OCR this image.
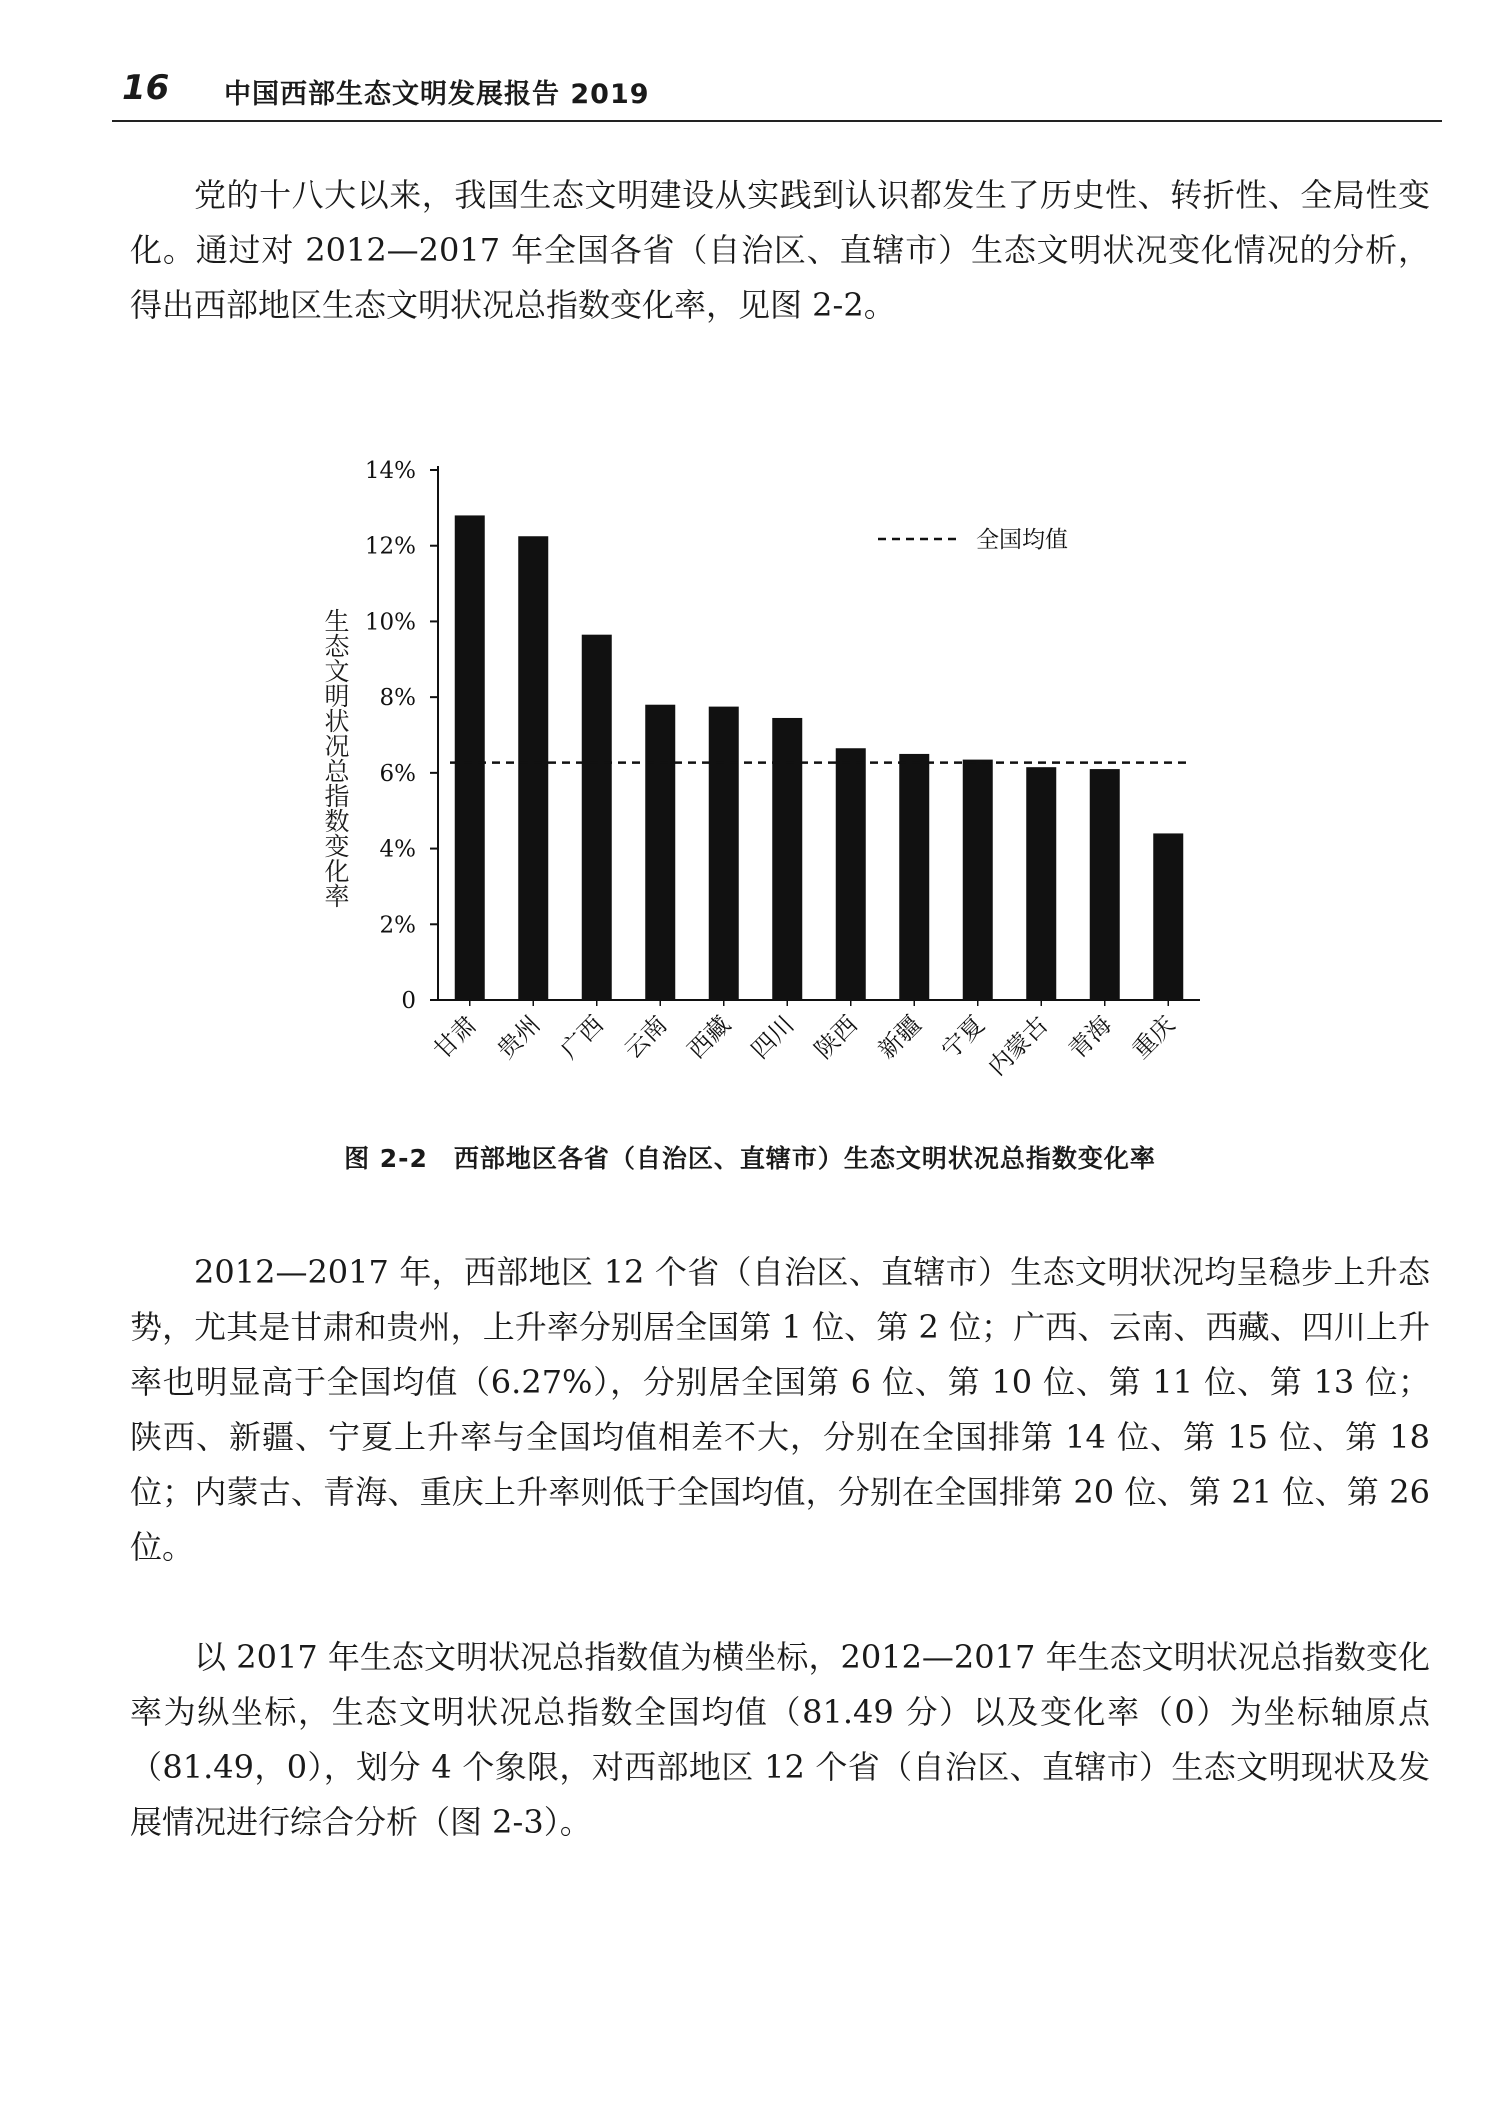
16 中国西部生态文明发展报告 2019

党的十八大以来，我国生态文明建设从实践到认识都发生了历史性、转折性、全局性变化。通过对 2012—2017 年全国各省（自治区、直辖市）生态文明状况变化情况的分析，得出西部地区生态文明状况总指数变化率，见图 2-2。

生态文明状况总指数变化率
0
2%
4%
6%
8%
10%
12%
14%
甘肃 贵州 广西 云南 西藏 四川 陕西 新疆 宁夏
内蒙古 青海 重庆
全国均值
图 2-2　西部地区各省（自治区、直辖市）生态文明状况总指数变化率

2012—2017 年，西部地区 12 个省（自治区、直辖市）生态文明状况均呈稳步上升态势，尤其是甘肃和贵州，上升率分别居全国第 1 位、第 2 位；广西、云南、西藏、四川上升率也明显高于全国均值（6.27%），分别居全国第 6 位、第 10 位、第 11 位、第 13 位；陕西、新疆、宁夏上升率与全国均值相差不大，分别在全国排第 14 位、第 15 位、第 18 位；内蒙古、青海、重庆上升率则低于全国均值，分别在全国排第 20 位、第 21 位、第 26 位。

以 2017 年生态文明状况总指数值为横坐标，2012—2017 年生态文明状况总指数变化率为纵坐标，生态文明状况总指数全国均值（81.49 分）以及变化率（0）为坐标轴原点（81.49，0），划分 4 个象限，对西部地区 12 个省（自治区、直辖市）生态文明现状及发展情况进行综合分析（图 2-3）。
